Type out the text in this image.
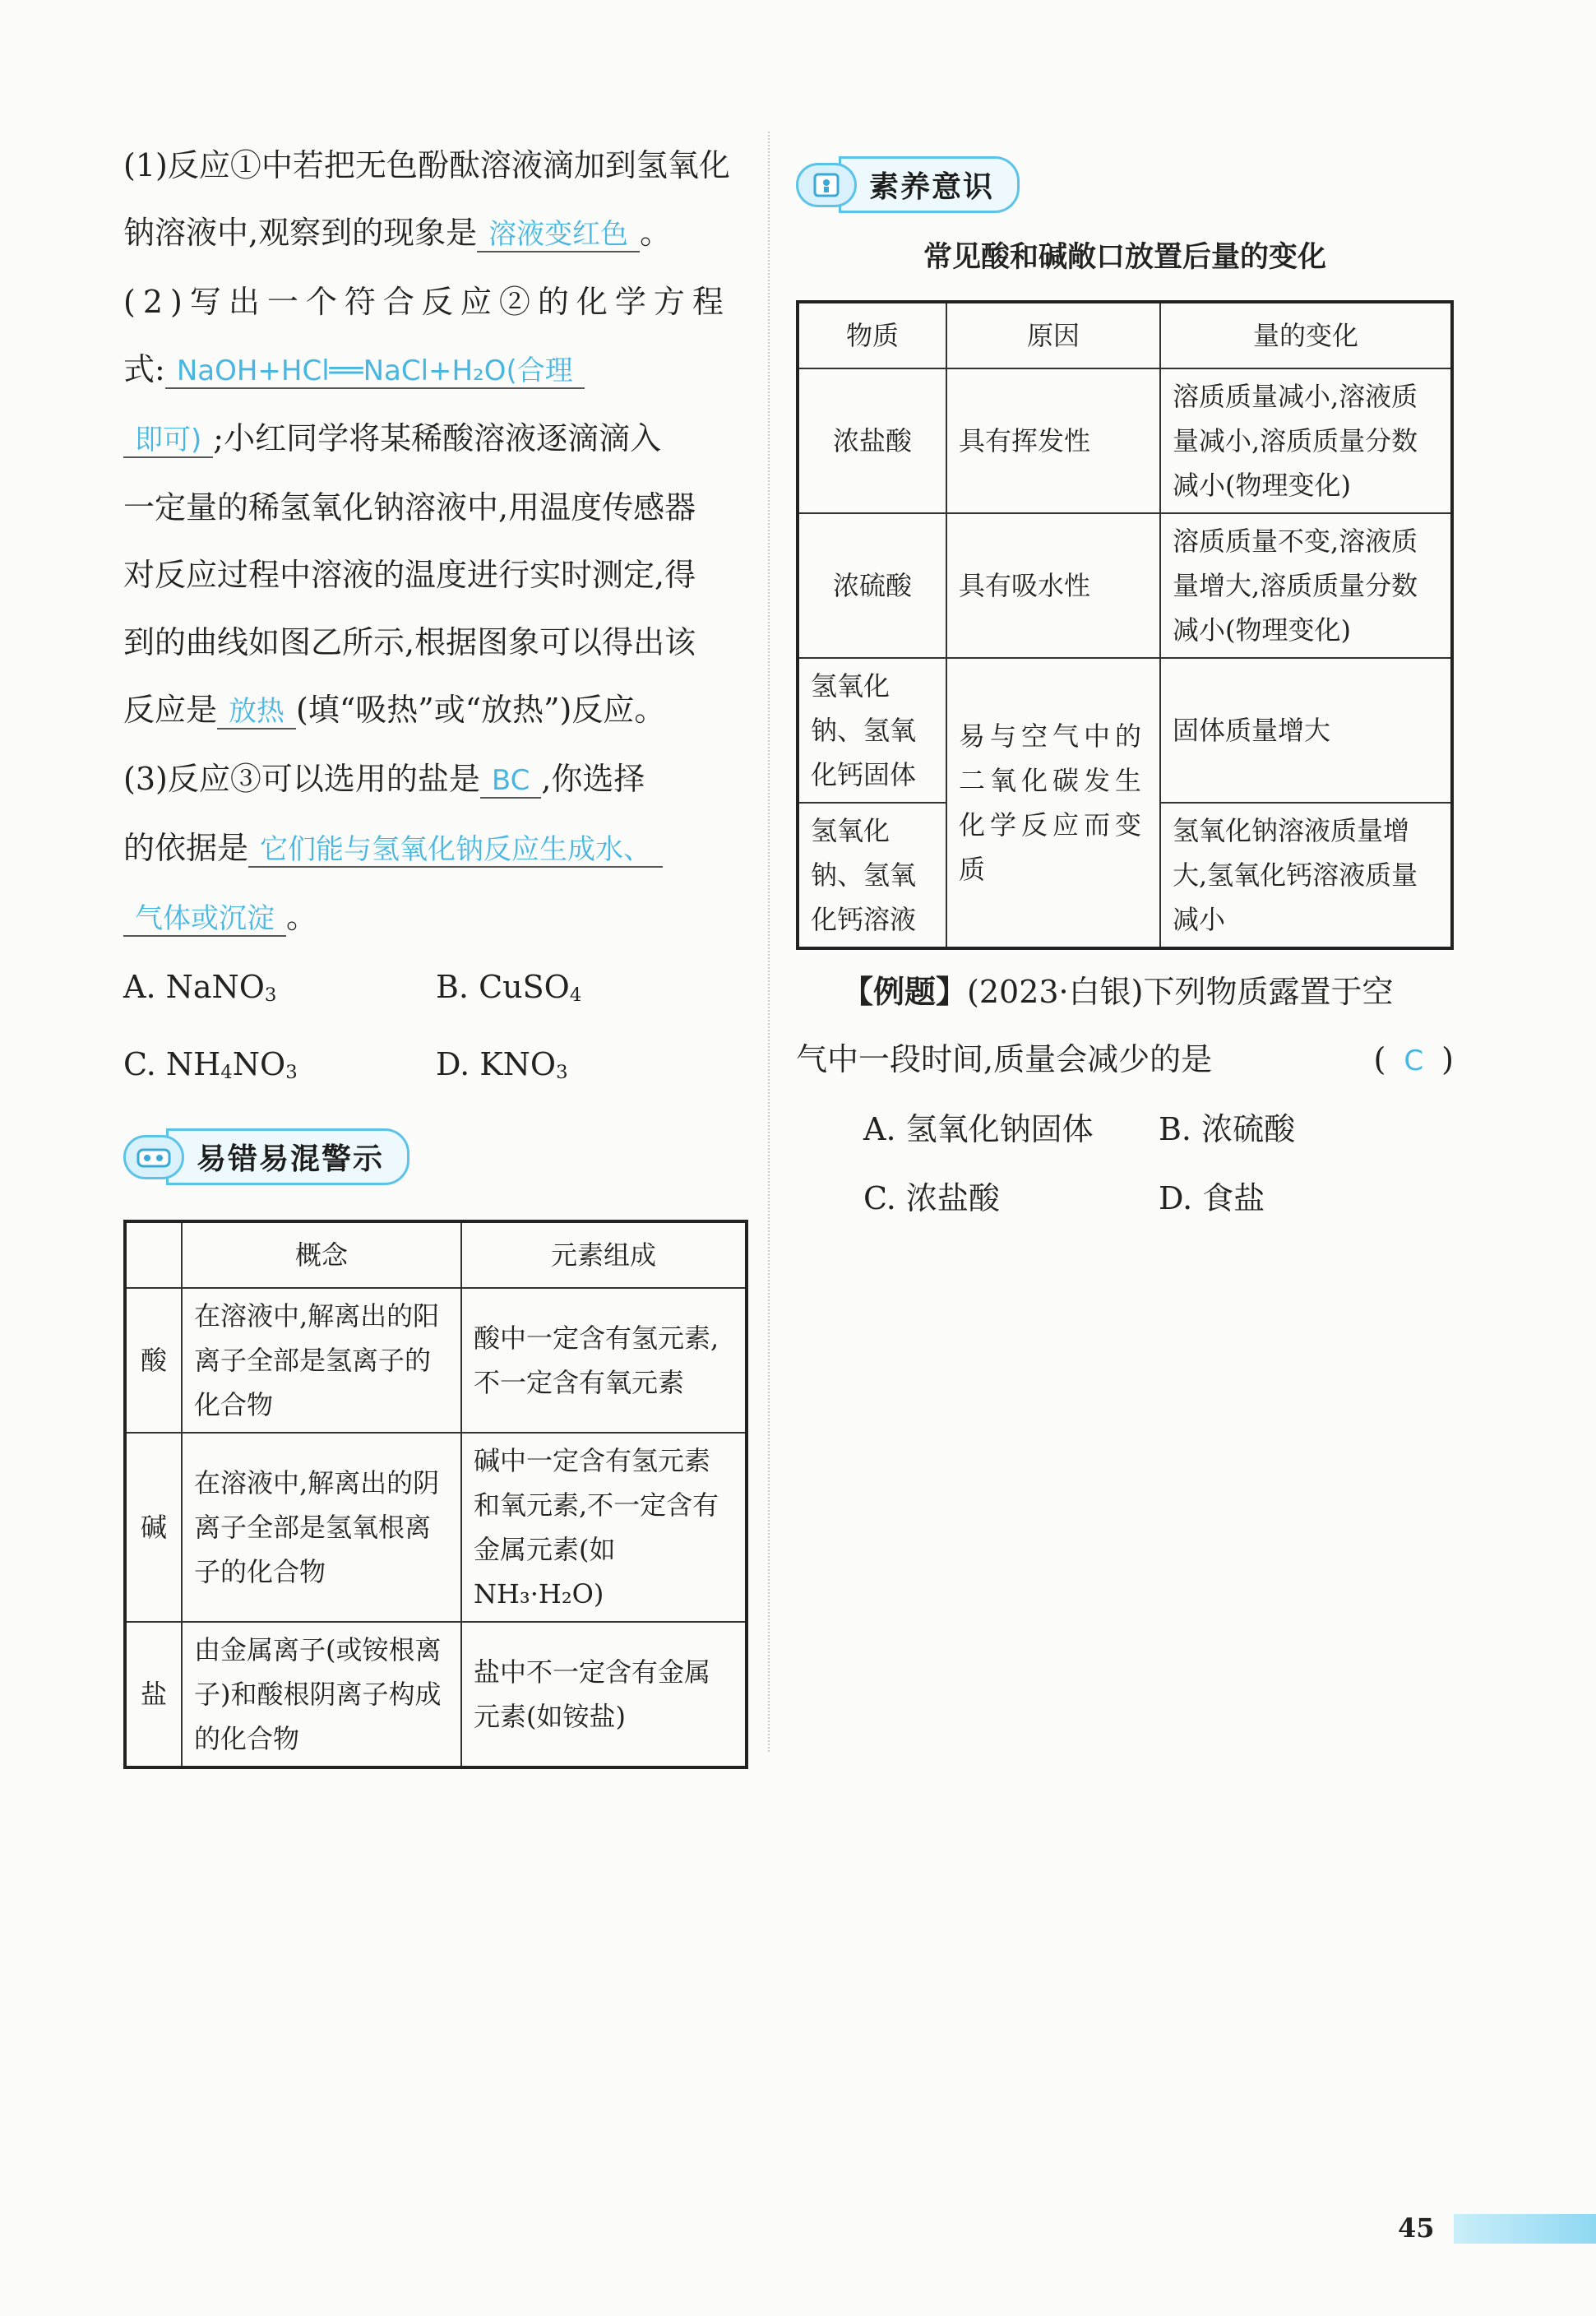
(1)反应①中若把无色酚酞溶液滴加到氢氧化

钠溶液中,观察到的现象是 溶液变红色 。

(2)写出一个符合反应②的化学方程

式: NaOH+HCl══NaCl+H₂O(合理

即可) ;小红同学将某稀酸溶液逐滴滴入

一定量的稀氢氧化钠溶液中,用温度传感器

对反应过程中溶液的温度进行实时测定,得

到的曲线如图乙所示,根据图象可以得出该

反应是 放热 (填“吸热”或“放热”)反应。

(3)反应③可以选用的盐是 BC ,你选择

的依据是 它们能与氢氧化钠反应生成水、

气体或沉淀 。

A. NaNO$_3$	B. CuSO$_4$
C. $NH_4NO_3$	D. $KNO_3$
易错易混警示
	概念	元素组成
酸	在溶液中,解离出的阳离子全部是氢离子的化合物	酸中一定含有氢元素,不一定含有氧元素
碱	在溶液中,解离出的阴离子全部是氢氧根离子的化合物	碱中一定含有氢元素和氧元素,不一定含有金属元素(如NH₃·H₂O)
盐	由金属离子(或铵根离子)和酸根阴离子构成的化合物	盐中不一定含有金属元素(如铵盐)
素养意识
常见酸和碱敞口放置后量的变化
物质	原因	量的变化
浓盐酸	具有挥发性	溶质质量减小,溶液质量减小,溶质质量分数减小(物理变化)
浓硫酸	具有吸水性	溶质质量不变,溶液质量增大,溶质质量分数减小(物理变化)
氢氧化钠、氢氧化钙固体	易与空气中的二氧化碳发生化学反应而变质	固体质量增大
氢氧化钠、氢氧化钙溶液		氢氧化钠溶液质量增大,氢氧化钙溶液质量减小

【例题】(2023·白银)下列物质露置于空

气中一段时间,质量会减少的是	( C )

A. 氢氧化钠固体	B. 浓硫酸
C. 浓盐酸	D. 食盐
45
